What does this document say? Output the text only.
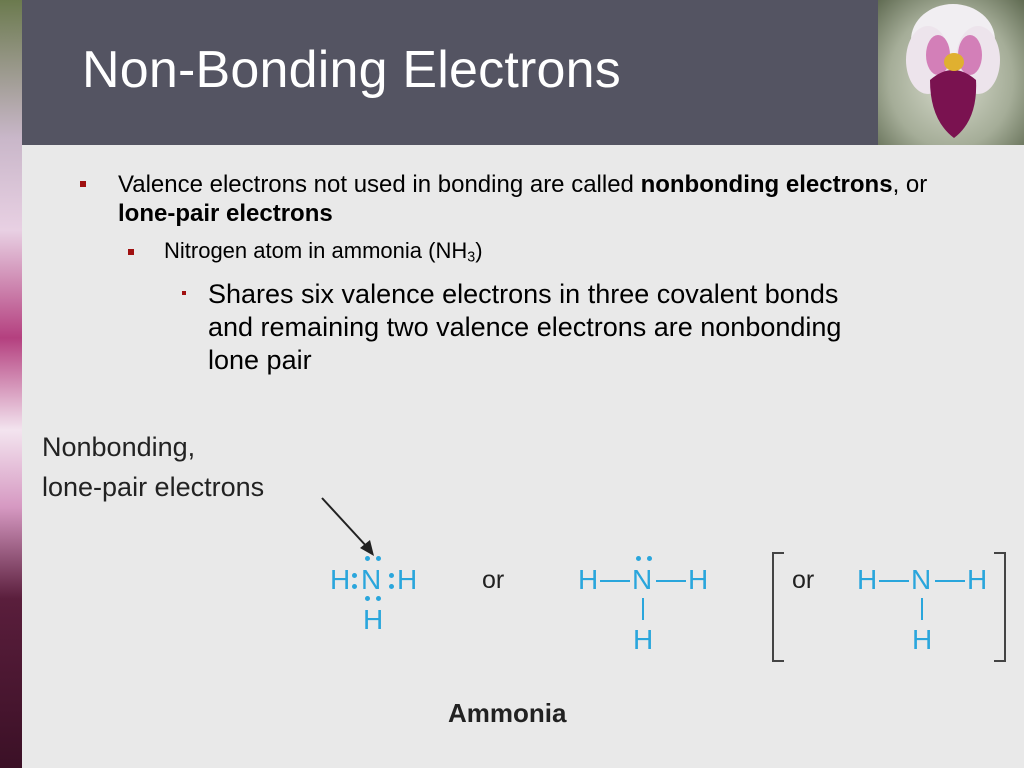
Non-Bonding Electrons
Valence electrons not used in bonding are called nonbonding electrons, or lone-pair electrons
Nitrogen atom in ammonia $(NH_3)$
Shares six valence electrons in three covalent bonds
and remaining two valence electrons are nonbonding
lone pair
Nonbonding,
lone-pair electrons
H N H
H
or	H N H
H
or H N H
H
Ammonia
